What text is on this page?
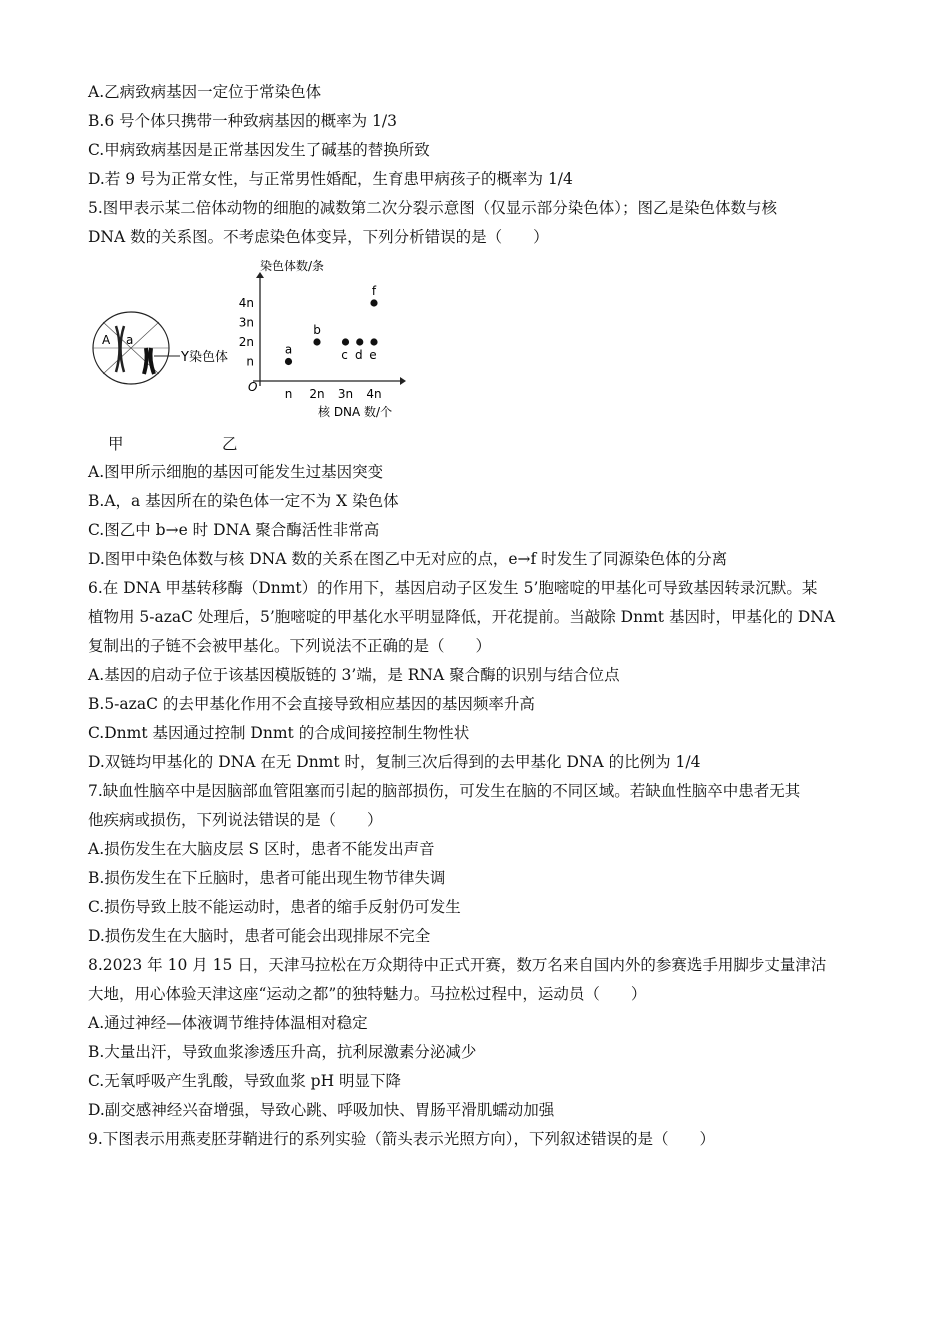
A.乙病致病基因一定位于常染色体
B.6 号个体只携带一种致病基因的概率为 1/3
C.甲病致病基因是正常基因发生了碱基的替换所致
D.若 9 号为正常女性，与正常男性婚配，生育患甲病孩子的概率为 1/4
5.图甲表示某二倍体动物的细胞的减数第二次分裂示意图（仅显示部分染色体）；图乙是染色体数与核
DNA 数的关系图。不考虑染色体变异，下列分析错误的是（　　）
A a
Y染色体
染色体数/条
核 DNA 数/个
O n 2n 3n 4n
n
2n
3n
4n
a
b
c d e
f
甲	乙
A.图甲所示细胞的基因可能发生过基因突变
B.A，a 基因所在的染色体一定不为 X 染色体
C.图乙中 b→e 时 DNA 聚合酶活性非常高
D.图甲中染色体数与核 DNA 数的关系在图乙中无对应的点，e→f 时发生了同源染色体的分离
6.在 DNA 甲基转移酶（Dnmt）的作用下，基因启动子区发生 5’胞嘧啶的甲基化可导致基因转录沉默。某
植物用 5-azaC 处理后，5’胞嘧啶的甲基化水平明显降低，开花提前。当敲除 Dnmt 基因时，甲基化的 DNA
复制出的子链不会被甲基化。下列说法不正确的是（　　）
A.基因的启动子位于该基因模版链的 3’端，是 RNA 聚合酶的识别与结合位点
B.5-azaC 的去甲基化作用不会直接导致相应基因的基因频率升高
C.Dnmt 基因通过控制 Dnmt 的合成间接控制生物性状
D.双链均甲基化的 DNA 在无 Dnmt 时，复制三次后得到的去甲基化 DNA 的比例为 1/4
7.缺血性脑卒中是因脑部血管阻塞而引起的脑部损伤，可发生在脑的不同区域。若缺血性脑卒中患者无其
他疾病或损伤，下列说法错误的是（　　）
A.损伤发生在大脑皮层 S 区时，患者不能发出声音
B.损伤发生在下丘脑时，患者可能出现生物节律失调
C.损伤导致上肢不能运动时，患者的缩手反射仍可发生
D.损伤发生在大脑时，患者可能会出现排尿不完全
8.2023 年 10 月 15 日，天津马拉松在万众期待中正式开赛，数万名来自国内外的参赛选手用脚步丈量津沽
大地，用心体验天津这座“运动之都”的独特魅力。马拉松过程中，运动员（　　）
A.通过神经—体液调节维持体温相对稳定
B.大量出汗，导致血浆渗透压升高，抗利尿激素分泌减少
C.无氧呼吸产生乳酸，导致血浆 pH 明显下降
D.副交感神经兴奋增强，导致心跳、呼吸加快、胃肠平滑肌蠕动加强
9.下图表示用燕麦胚芽鞘进行的系列实验（箭头表示光照方向），下列叙述错误的是（　　）
